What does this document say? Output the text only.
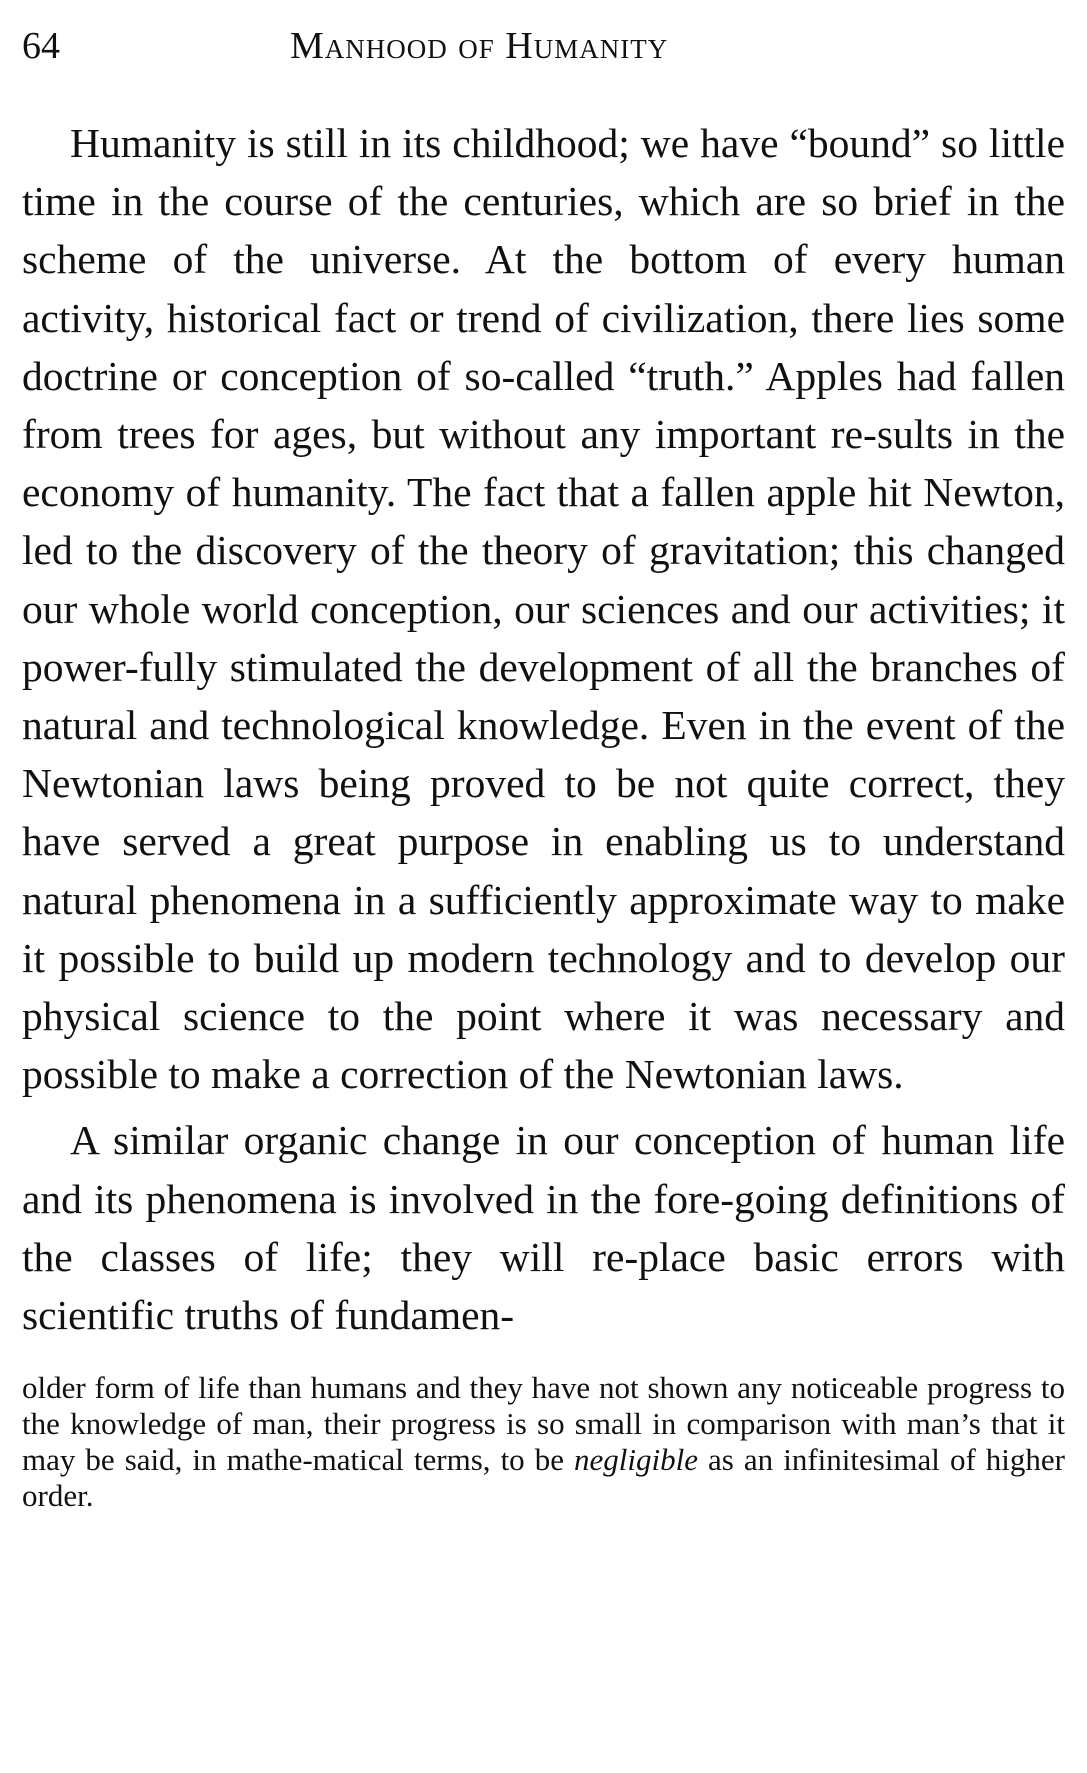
64	Manhood of Humanity

Humanity is still in its childhood; we have “bound” so little time in the course of the centuries, which are so brief in the scheme of the universe. At the bottom of every human activity, historical fact or trend of civilization, there lies some doctrine or conception of so-called “truth.” Apples had fallen from trees for ages, but without any important re-sults in the economy of humanity. The fact that a fallen apple hit Newton, led to the discovery of the theory of gravitation; this changed our whole world conception, our sciences and our activities; it power-fully stimulated the development of all the branches of natural and technological knowledge. Even in the event of the Newtonian laws being proved to be not quite correct, they have served a great purpose in enabling us to understand natural phenomena in a sufficiently approximate way to make it possible to build up modern technology and to develop our physical science to the point where it was necessary and possible to make a correction of the Newtonian laws.

A similar organic change in our conception of human life and its phenomena is involved in the fore-going definitions of the classes of life; they will re-place basic errors with scientific truths of fundamen-

older form of life than humans and they have not shown any noticeable progress to the knowledge of man, their progress is so small in comparison with man’s that it may be said, in mathe-matical terms, to be negligible as an infinitesimal of higher order.
